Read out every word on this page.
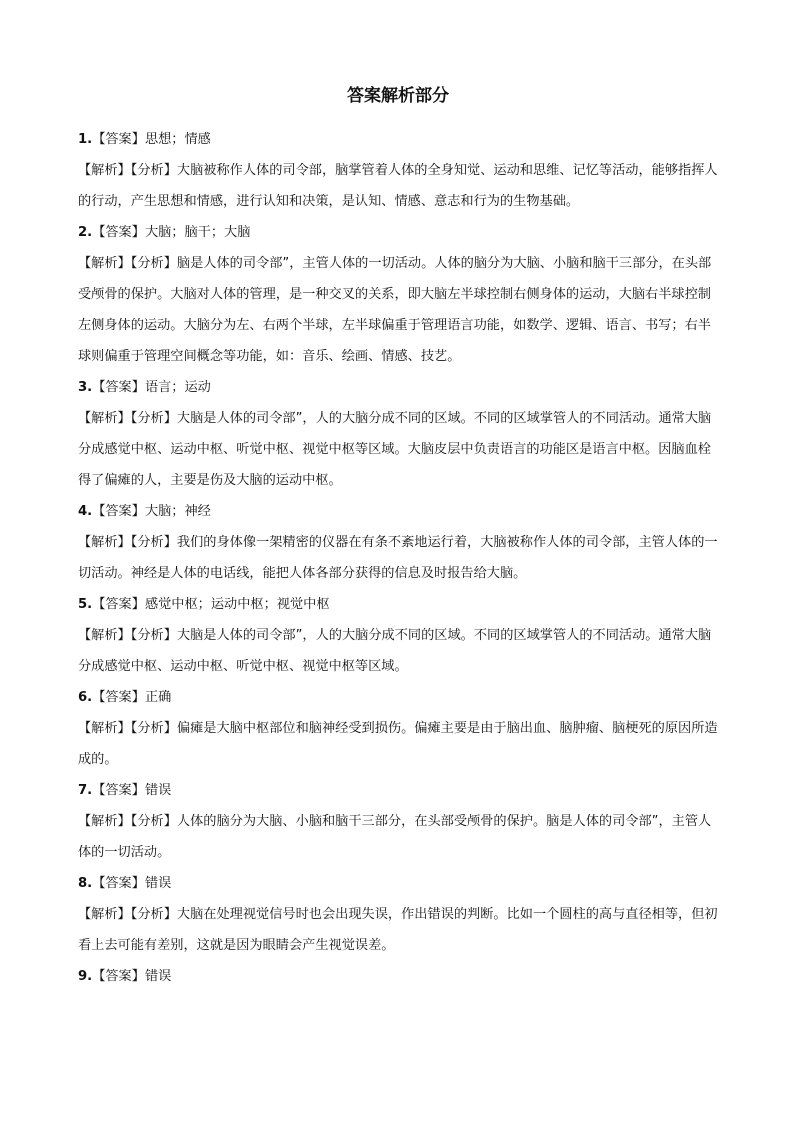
答案解析部分

1.【答案】思想；情感

【解析】【分析】大脑被称作人体的司令部，脑掌管着人体的全身知觉、运动和思维、记忆等活动，能够指挥人的行动，产生思想和情感，进行认知和决策，是认知、情感、意志和行为的生物基础。

2.【答案】大脑；脑干；大脑

【解析】【分析】脑是人体的司令部”，主管人体的一切活动。人体的脑分为大脑、小脑和脑干三部分，在头部受颅骨的保护。大脑对人体的管理，是一种交叉的关系，即大脑左半球控制右侧身体的运动，大脑右半球控制左侧身体的运动。大脑分为左、右两个半球，左半球偏重于管理语言功能，如数学、逻辑、语言、书写；右半球则偏重于管理空间概念等功能，如：音乐、绘画、情感、技艺。

3.【答案】语言；运动

【解析】【分析】大脑是人体的司令部”，人的大脑分成不同的区域。不同的区域掌管人的不同活动。通常大脑分成感觉中枢、运动中枢、听觉中枢、视觉中枢等区域。大脑皮层中负责语言的功能区是语言中枢。因脑血栓得了偏瘫的人，主要是伤及大脑的运动中枢。

4.【答案】大脑；神经

【解析】【分析】我们的身体像一架精密的仪器在有条不紊地运行着，大脑被称作人体的司令部，主管人体的一切活动。神经是人体的电话线，能把人体各部分获得的信息及时报告给大脑。

5.【答案】感觉中枢；运动中枢；视觉中枢

【解析】【分析】大脑是人体的司令部”，人的大脑分成不同的区域。不同的区域掌管人的不同活动。通常大脑分成感觉中枢、运动中枢、听觉中枢、视觉中枢等区域。

6.【答案】正确

【解析】【分析】偏瘫是大脑中枢部位和脑神经受到损伤。偏瘫主要是由于脑出血、脑肿瘤、脑梗死的原因所造成的。

7.【答案】错误

【解析】【分析】人体的脑分为大脑、小脑和脑干三部分，在头部受颅骨的保护。脑是人体的司令部”，主管人体的一切活动。

8.【答案】错误

【解析】【分析】大脑在处理视觉信号时也会出现失误，作出错误的判断。比如一个圆柱的高与直径相等，但初看上去可能有差别，这就是因为眼睛会产生视觉误差。

9.【答案】错误
